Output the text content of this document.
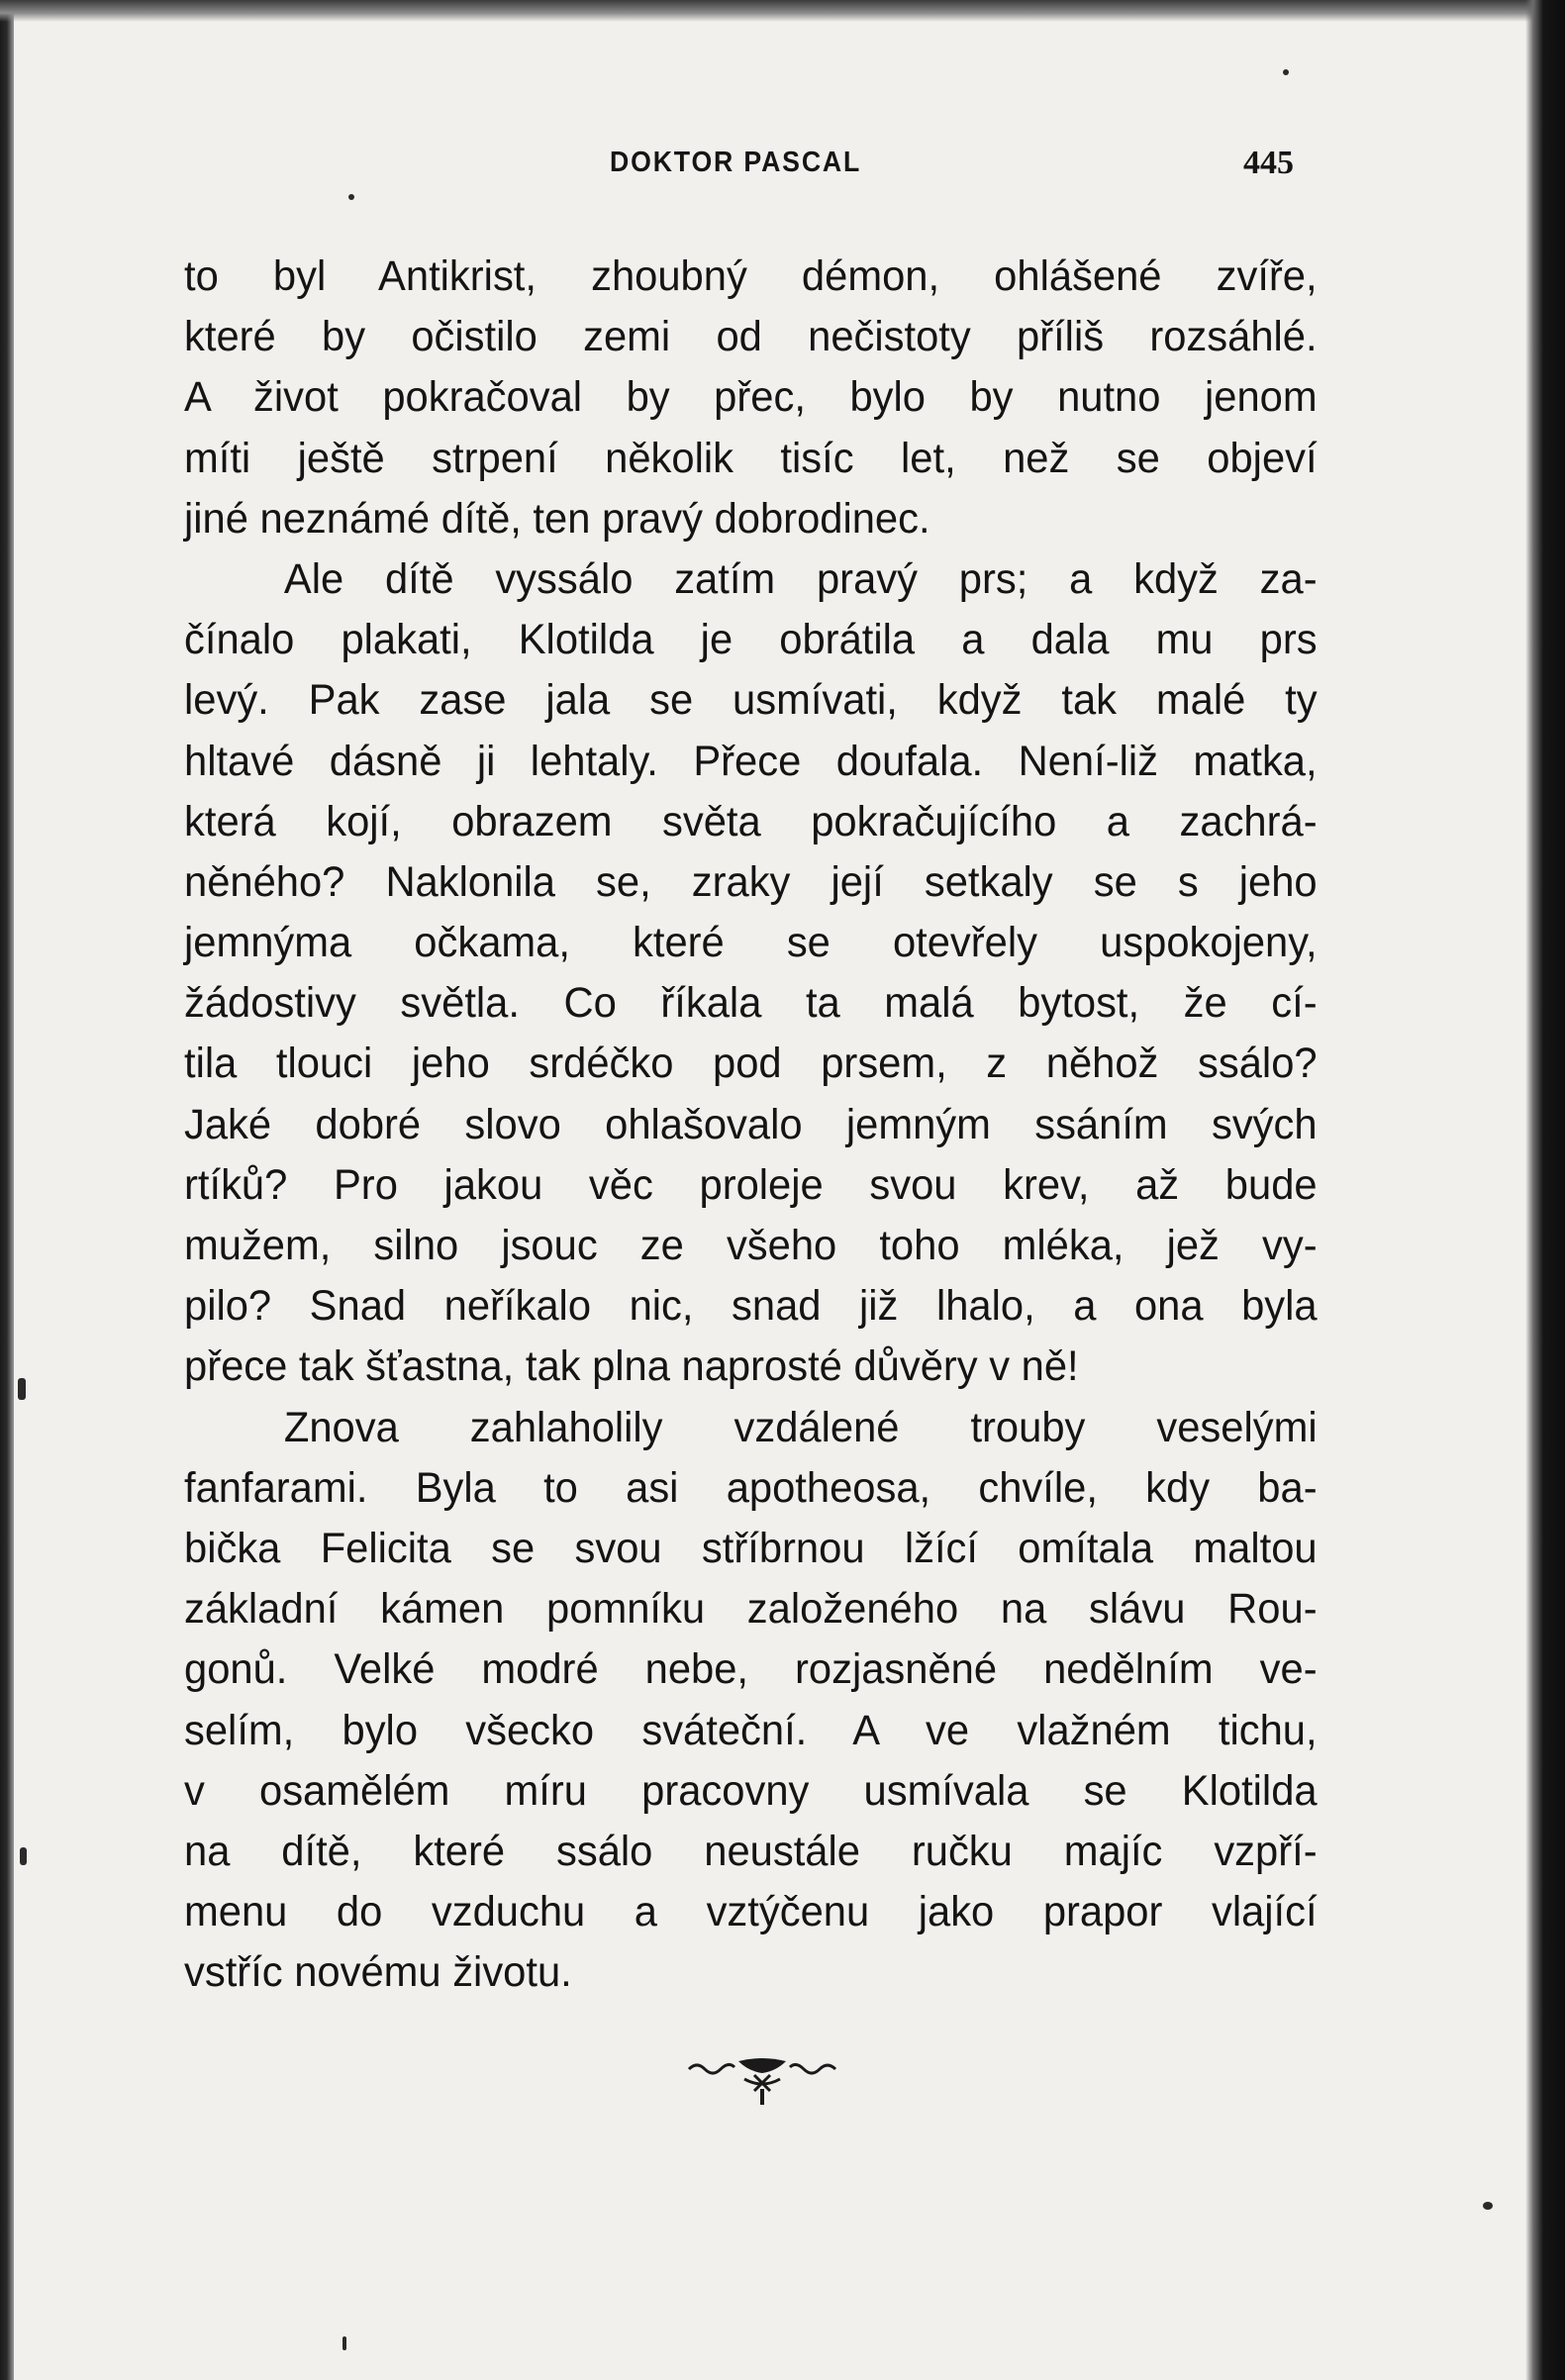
DOKTOR PASCAL	445
to byl Antikrist, zhoubný démon, ohlášené zvíře,
které by očistilo zemi od nečistoty příliš rozsáhlé.
A život pokračoval by přec, bylo by nutno jenom
míti ještě strpení několik tisíc let, než se objeví
jiné neznámé dítě, ten pravý dobrodinec.
Ale dítě vyssálo zatím pravý prs; a když za-
čínalo plakati, Klotilda je obrátila a dala mu prs
levý. Pak zase jala se usmívati, když tak malé ty
hltavé dásně ji lehtaly. Přece doufala. Není-liž matka,
která kojí, obrazem světa pokračujícího a zachrá-
něného? Naklonila se, zraky její setkaly se s jeho
jemnýma očkama, které se otevřely uspokojeny,
žádostivy světla. Co říkala ta malá bytost, že cí-
tila tlouci jeho srdéčko pod prsem, z něhož ssálo?
Jaké dobré slovo ohlašovalo jemným ssáním svých
rtíků? Pro jakou věc proleje svou krev, až bude
mužem, silno jsouc ze všeho toho mléka, jež vy-
pilo? Snad neříkalo nic, snad již lhalo, a ona byla
přece tak šťastna, tak plna naprosté důvěry v ně!
Znova zahlaholily vzdálené trouby veselými
fanfarami. Byla to asi apotheosa, chvíle, kdy ba-
bička Felicita se svou stříbrnou lžící omítala maltou
základní kámen pomníku založeného na slávu Rou-
gonů. Velké modré nebe, rozjasněné nedělním ve-
selím, bylo všecko sváteční. A ve vlažném tichu,
v osamělém míru pracovny usmívala se Klotilda
na dítě, které ssálo neustále ručku majíc vzpří-
menu do vzduchu a vztýčenu jako prapor vlající
vstříc novému životu.
